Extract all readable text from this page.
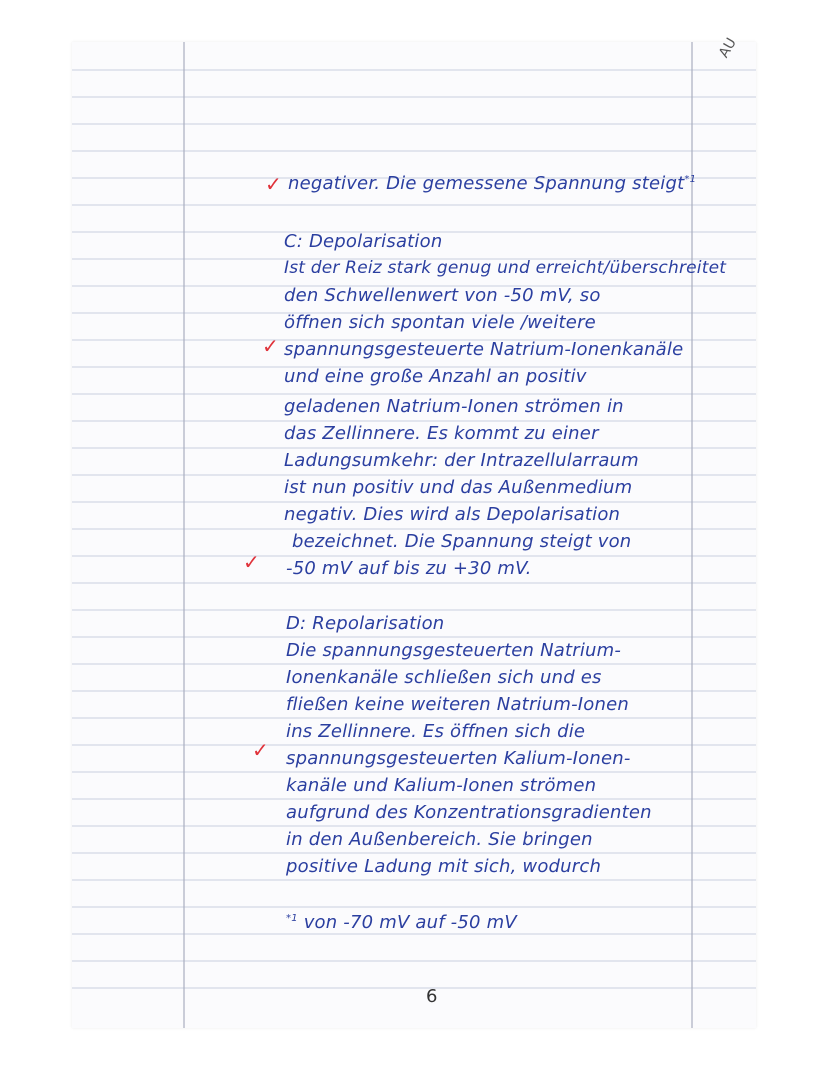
AU
✓ negativer. Die gemessene Spannung steigt$^{*1}$
C: Depolarisation
Ist der Reiz stark genug und erreicht/überschreitet
den Schwellenwert von -50 mV, so
öffnen sich spontan viele /weitere
✓ spannungsgesteuerte Natrium-Ionenkanäle
und eine große Anzahl an positiv
geladenen Natrium-Ionen strömen in
das Zellinnere. Es kommt zu einer
Ladungsumkehr: der Intrazellularraum
ist nun positiv und das Außenmedium
negativ. Dies wird als Depolarisation
bezeichnet. Die Spannung steigt von
✓ -50 mV auf bis zu +30 mV.
D: Repolarisation
Die spannungsgesteuerten Natrium-
Ionenkanäle schließen sich und es
fließen keine weiteren Natrium-Ionen
ins Zellinnere. Es öffnen sich die
✓ spannungsgesteuerten Kalium-Ionen-
kanäle und Kalium-Ionen strömen
aufgrund des Konzentrationsgradienten
in den Außenbereich. Sie bringen
positive Ladung mit sich, wodurch
$^{*1}$ von -70 mV auf -50 mV
6
